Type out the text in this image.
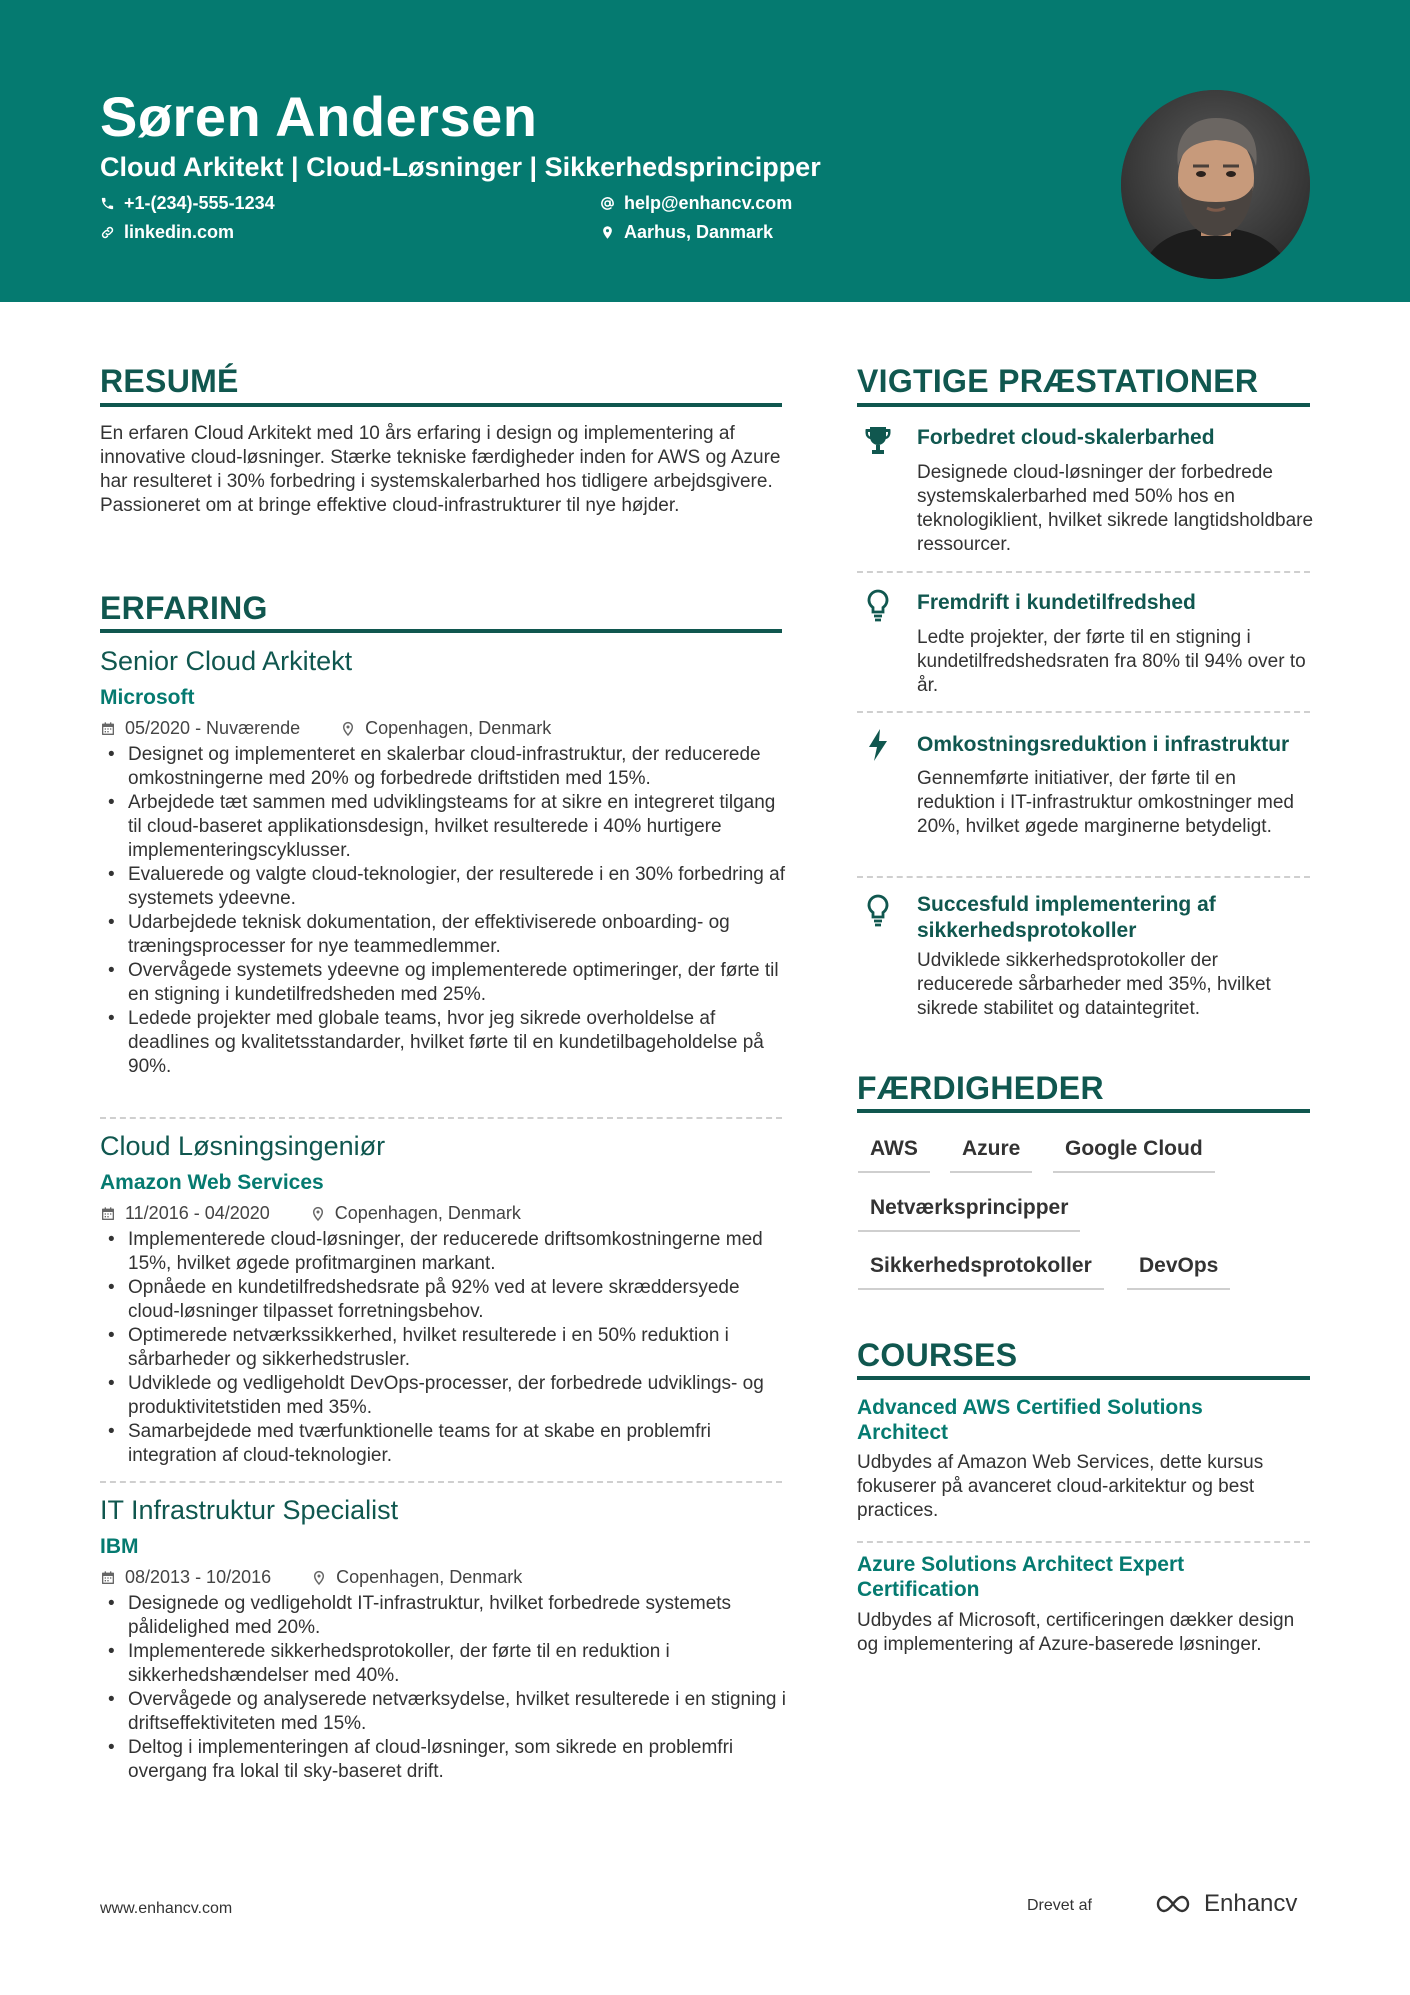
Søren Andersen
Cloud Arkitekt | Cloud-Løsninger | Sikkerhedsprincipper
+1-(234)-555-1234
linkedin.com
help@enhancv.com
Aarhus, Danmark
RESUMÉ
En erfaren Cloud Arkitekt med 10 års erfaring i design og implementering af innovative cloud-løsninger. Stærke tekniske færdigheder inden for AWS og Azure har resulteret i 30% forbedring i systemskalerbarhed hos tidligere arbejdsgivere. Passioneret om at bringe effektive cloud-infrastrukturer til nye højder.
ERFARING
Senior Cloud Arkitekt
Microsoft
05/2020 - Nuværende	Copenhagen, Denmark
• Designet og implementeret en skalerbar cloud-infrastruktur, der reducerede omkostningerne med 20% og forbedrede driftstiden med 15%.
• Arbejdede tæt sammen med udviklingsteams for at sikre en integreret tilgang til cloud-baseret applikationsdesign, hvilket resulterede i 40% hurtigere implementeringscyklusser.
• Evaluerede og valgte cloud-teknologier, der resulterede i en 30% forbedring af systemets ydeevne.
• Udarbejdede teknisk dokumentation, der effektiviserede onboarding- og træningsprocesser for nye teammedlemmer.
• Overvågede systemets ydeevne og implementerede optimeringer, der førte til en stigning i kundetilfredsheden med 25%.
• Ledede projekter med globale teams, hvor jeg sikrede overholdelse af deadlines og kvalitetsstandarder, hvilket førte til en kundetilbageholdelse på 90%.
Cloud Løsningsingeniør
Amazon Web Services
11/2016 - 04/2020	Copenhagen, Denmark
• Implementerede cloud-løsninger, der reducerede driftsomkostningerne med 15%, hvilket øgede profitmarginen markant.
• Opnåede en kundetilfredshedsrate på 92% ved at levere skræddersyede cloud-løsninger tilpasset forretningsbehov.
• Optimerede netværkssikkerhed, hvilket resulterede i en 50% reduktion i sårbarheder og sikkerhedstrusler.
• Udviklede og vedligeholdt DevOps-processer, der forbedrede udviklings- og produktivitetstiden med 35%.
• Samarbejdede med tværfunktionelle teams for at skabe en problemfri integration af cloud-teknologier.
IT Infrastruktur Specialist
IBM
08/2013 - 10/2016	Copenhagen, Denmark
• Designede og vedligeholdt IT-infrastruktur, hvilket forbedrede systemets pålidelighed med 20%.
• Implementerede sikkerhedsprotokoller, der førte til en reduktion i sikkerhedshændelser med 40%.
• Overvågede og analyserede netværksydelse, hvilket resulterede i en stigning i driftseffektiviteten med 15%.
• Deltog i implementeringen af cloud-løsninger, som sikrede en problemfri overgang fra lokal til sky-baseret drift.
VIGTIGE PRÆSTATIONER
Forbedret cloud-skalerbarhed
Designede cloud-løsninger der forbedrede systemskalerbarhed med 50% hos en teknologiklient, hvilket sikrede langtidsholdbare ressourcer.
Fremdrift i kundetilfredshed
Ledte projekter, der førte til en stigning i kundetilfredshedsraten fra 80% til 94% over to år.
Omkostningsreduktion i infrastruktur
Gennemførte initiativer, der førte til en reduktion i IT-infrastruktur omkostninger med 20%, hvilket øgede marginerne betydeligt.
Succesfuld implementering af sikkerhedsprotokoller
Udviklede sikkerhedsprotokoller der reducerede sårbarheder med 35%, hvilket sikrede stabilitet og dataintegritet.
FÆRDIGHEDER
AWS	Azure	Google Cloud
Netværksprincipper
Sikkerhedsprotokoller	DevOps
COURSES
Advanced AWS Certified Solutions Architect
Udbydes af Amazon Web Services, dette kursus fokuserer på avanceret cloud-arkitektur og best practices.
Azure Solutions Architect Expert Certification
Udbydes af Microsoft, certificeringen dækker design og implementering af Azure-baserede løsninger.
www.enhancv.com	Drevet af	Enhancv
